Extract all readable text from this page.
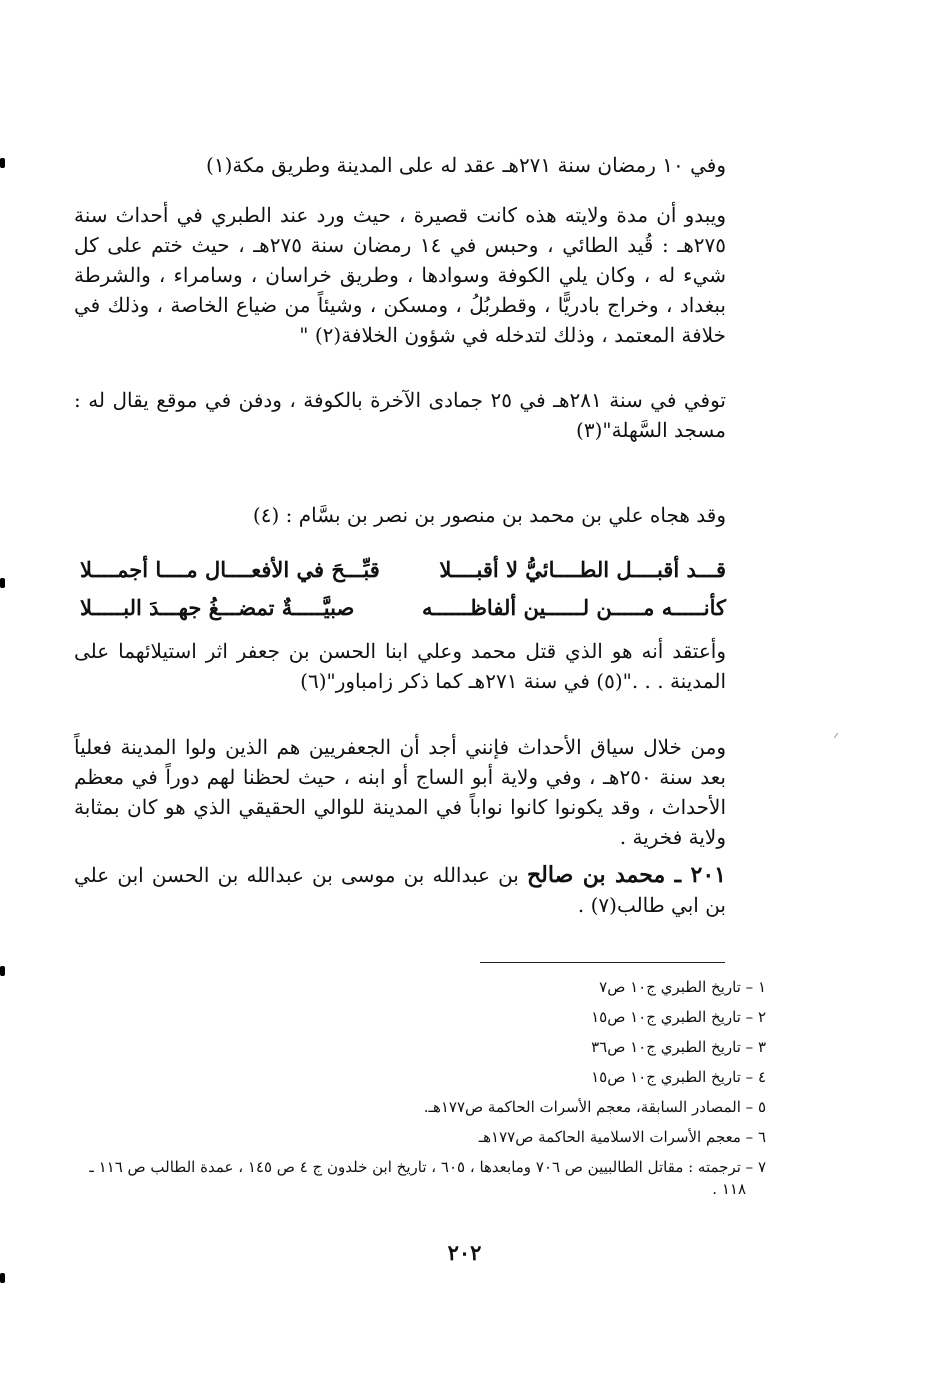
وفي ١٠ رمضان سنة ٢٧١هـ عقد له على المدينة وطريق مكة(١)

ويبدو أن مدة ولايته هذه كانت قصيرة ، حيث ورد عند الطبري في أحداث سنة ٢٧٥هـ : قُيد الطائي ، وحبس في ١٤ رمضان سنة ٢٧٥هـ ، حيث ختم على كل شيء له ، وكان يلي الكوفة وسوادها ، وطريق خراسان ، وسامراء ، والشرطة ببغداد ، وخراج بادريًّا ، وقطربُلُ ، ومسكن ، وشيئاً من ضياع الخاصة ، وذلك في خلافة المعتمد ، وذلك لتدخله في شؤون الخلافة(٢) "

توفي في سنة ٢٨١هـ في ٢٥ جمادى الآخرة بالكوفة ، ودفن في موقع يقال له : مسجد السَّهلة"(٣)

وقد هجاه علي بن محمد بن منصور بن نصر بن بسَّام : (٤)

قـــد أقبــــل الطــــائيُّ لا أقبــــلا
قبِّـــحَ في الأفعــــال مــــا أجمــــلا
كأنـــــه مـــــن لــــــين ألفاظــــــه
صبيَّـــــةٌ تمضـــغُ جهـــدَ البـــــلا

وأعتقد أنه هو الذي قتل محمد وعلي ابنا الحسن بن جعفر اثر استيلائهما على المدينة . . ."(٥) في سنة ٢٧١هـ كما ذكر زامباور"(٦)

ومن خلال سياق الأحداث فإنني أجد أن الجعفريين هم الذين ولوا المدينة فعلياً بعد سنة ٢٥٠هـ ، وفي ولاية أبو الساج أو ابنه ، حيث لحظنا لهم دوراً في معظم الأحداث ، وقد يكونوا كانوا نواباً في المدينة للوالي الحقيقي الذي هو كان بمثابة ولاية فخرية .

٢٠١ ـ محمد بن صالح بن عبدالله بن موسى بن عبدالله بن الحسن ابن علي بن ابي طالب(٧) .

١ – تاريخ الطبري ج١٠ ص٧

٢ – تاريخ الطبري ج١٠ ص١٥

٣ – تاريخ الطبري ج١٠ ص٣٦

٤ – تاريخ الطبري ج١٠ ص١٥

٥ – المصادر السابقة، معجم الأسرات الحاكمة ص١٧٧هـ.

٦ – معجم الأسرات الاسلامية الحاكمة ص١٧٧هـ

٧ – ترجمته : مقاتل الطالبيين ص ٧٠٦ ومابعدها ، ٦٠٥ ، تاريخ ابن خلدون ج ٤ ص ١٤٥ ، عمدة الطالب ص ١١٦ ـ

١١٨ .

٢٠٢
